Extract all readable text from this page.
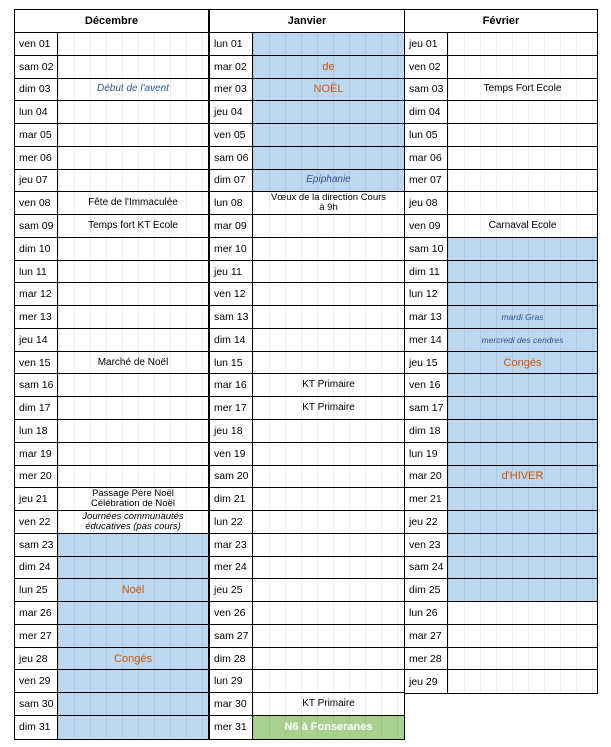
Décembre
ven 01
sam 02
dim 03	Début de l'avent
lun 04
mar 05
mer 06
jeu 07
ven 08	Fête de l'Immaculée
sam 09	Temps fort KT Ecole
dim 10
lun 11
mar 12
mer 13
jeu 14
ven 15	Marché de Noël
sam 16
dim 17
lun 18
mar 19
mer 20
jeu 21	Passage Père Noël
Célébration de Noël
ven 22	Journées communautés
éducatives (pas cours)
sam 23
dim 24
lun 25	Noël
mar 26
mer 27
jeu 28	Congés
ven 29
sam 30
dim 31
Janvier
lun 01
mar 02	de
mer 03	NOËL
jeu 04
ven 05
sam 06
dim 07	Epiphanie
lun 08	Vœux de la direction Cours
à 9h
mar 09
mer 10
jeu 11
ven 12
sam 13
dim 14
lun 15
mar 16	KT Primaire
mer 17	KT Primaire
jeu 18
ven 19
sam 20
dim 21
lun 22
mar 23
mer 24
jeu 25
ven 26
sam 27
dim 28
lun 29
mar 30	KT Primaire
mer 31	N6 à Fonseranes
Février
jeu 01
ven 02
sam 03	Temps Fort Ecole
dim 04
lun 05
mar 06
mer 07
jeu 08
ven 09	Carnaval Ecole
sam 10
dim 11
lun 12
mar 13	mardi Gras
mer 14	mercredi des cendres
jeu 15	Congés
ven 16
sam 17
dim 18
lun 19
mar 20	d'HIVER
mer 21
jeu 22
ven 23
sam 24
dim 25
lun 26
mar 27
mer 28
jeu 29
